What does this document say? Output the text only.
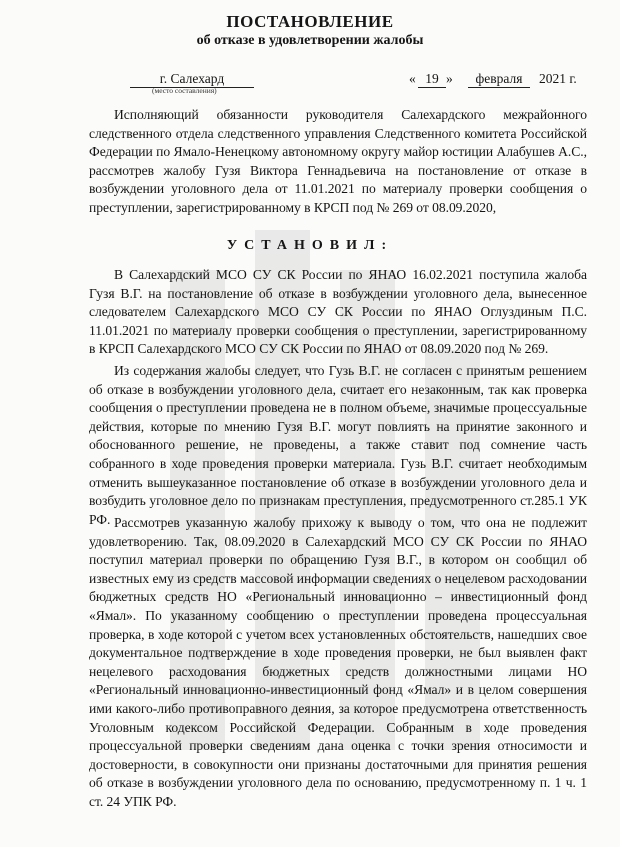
ПОСТАНОВЛЕНИЕ
об отказе в удовлетворении жалобы
г. Салехард
(место составления)
« 19 »	февраля	2021 г.

Исполняющий обязанности руководителя Салехардского межрайонного следственного отдела следственного управления Следственного комитета Российской Федерации по Ямало-Ненецкому автономному округу майор юстиции Алабушев А.С., рассмотрев жалобу Гузя Виктора Геннадьевича на постановление от отказе в возбуждении уголовного дела от 11.01.2021 по материалу проверки сообщения о преступлении, зарегистрированному в КРСП под № 269 от 08.09.2020,

УСТАНОВИЛ:

В Салехардский МСО СУ СК России по ЯНАО 16.02.2021 поступила жалоба Гузя В.Г. на постановление об отказе в возбуждении уголовного дела, вынесенное следователем Салехардского МСО СУ СК России по ЯНАО Оглуздиным П.С. 11.01.2021 по материалу проверки сообщения о преступлении, зарегистрированному в КРСП Салехардского МСО СУ СК России по ЯНАО от 08.09.2020 под № 269.

Из содержания жалобы следует, что Гузь В.Г. не согласен с принятым решением об отказе в возбуждении уголовного дела, считает его незаконным, так как проверка сообщения о преступлении проведена не в полном объеме, значимые процессуальные действия, которые по мнению Гузя В.Г. могут повлиять на принятие законного и обоснованного решение, не проведены, а также ставит под сомнение часть собранного в ходе проведения проверки материала. Гузь В.Г. считает необходимым отменить вышеуказанное постановление об отказе в возбуждении уголовного дела и возбудить уголовное дело по признакам преступления, предусмотренного ст.285.1 УК РФ. Рассмотрев указанную жалобу прихожу к выводу о том, что она не подлежит удовлетворению. Так, 08.09.2020 в Салехардский МСО СУ СК России по ЯНАО поступил материал проверки по обращению Гузя В.Г., в котором он сообщил об известных ему из средств массовой информации сведениях о нецелевом расходовании бюджетных средств НО «Региональный инновационно – инвестиционный фонд «Ямал». По указанному сообщению о преступлении проведена процессуальная проверка, в ходе которой с учетом всех установленных обстоятельств, нашедших свое документальное подтверждение в ходе проведения проверки, не был выявлен факт нецелевого расходования бюджетных средств должностными лицами НО «Региональный инновационно-инвестиционный фонд «Ямал» и в целом совершения ими какого-либо противоправного деяния, за которое предусмотрена ответственность Уголовным кодексом Российской Федерации. Собранным в ходе проведения процессуальной проверки сведениям дана оценка с точки зрения относимости и достоверности, в совокупности они признаны достаточными для принятия решения об отказе в возбуждении уголовного дела по основанию, предусмотренному п. 1 ч. 1 ст. 24 УПК РФ.
